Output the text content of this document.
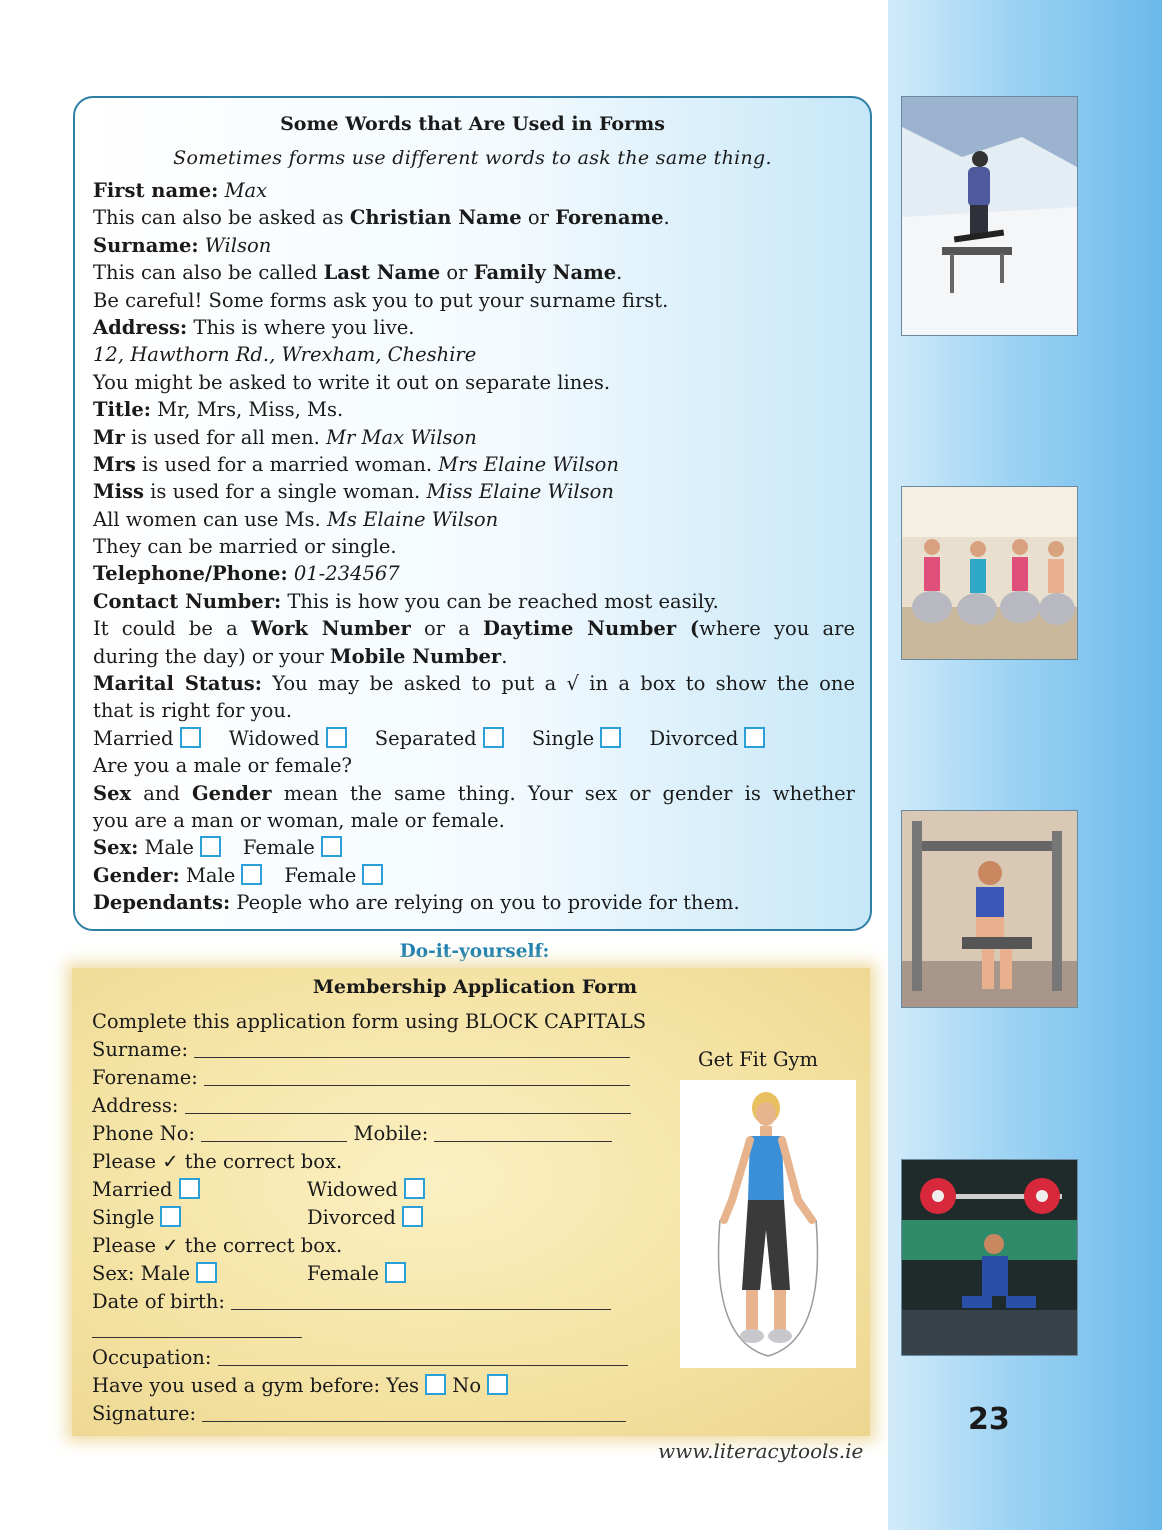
23
Some Words that Are Used in Forms
Sometimes forms use different words to ask the same thing.
First name: Max
This can also be asked as Christian Name or Forename.
Surname: Wilson
This can also be called Last Name or Family Name.
Be careful! Some forms ask you to put your surname first.
Address: This is where you live.
12, Hawthorn Rd., Wrexham, Cheshire
You might be asked to write it out on separate lines.
Title: Mr, Mrs, Miss, Ms.
Mr is used for all men. Mr Max Wilson
Mrs is used for a married woman. Mrs Elaine Wilson
Miss is used for a single woman. Miss Elaine Wilson
All women can use Ms. Ms Elaine Wilson
They can be married or single.
Telephone/Phone: 01-234567
Contact Number: This is how you can be reached most easily.
It could be a Work Number or a Daytime Number (where you are
during the day) or your Mobile Number.
Marital Status: You may be asked to put a √ in a box to show the one
that is right for you.
Married	Widowed	Separated	Single	Divorced
Are you a male or female?
Sex and Gender mean the same thing. Your sex or gender is whether
you are a man or woman, male or female.
Sex: Male	Female
Gender: Male	Female
Dependants: People who are relying on you to provide for them.
Do-it-yourself:
Membership Application Form
Complete this application form using BLOCK CAPITALS
Surname:
Forename:
Address:
Phone No:	Mobile:
Please ✓ the correct box.
Married	Widowed
Single	Divorced
Please ✓ the correct box.
Sex: Male	Female
Date of birth:
Occupation:
Have you used a gym before: Yes No
Signature:
Get Fit Gym
www.literacytools.ie
